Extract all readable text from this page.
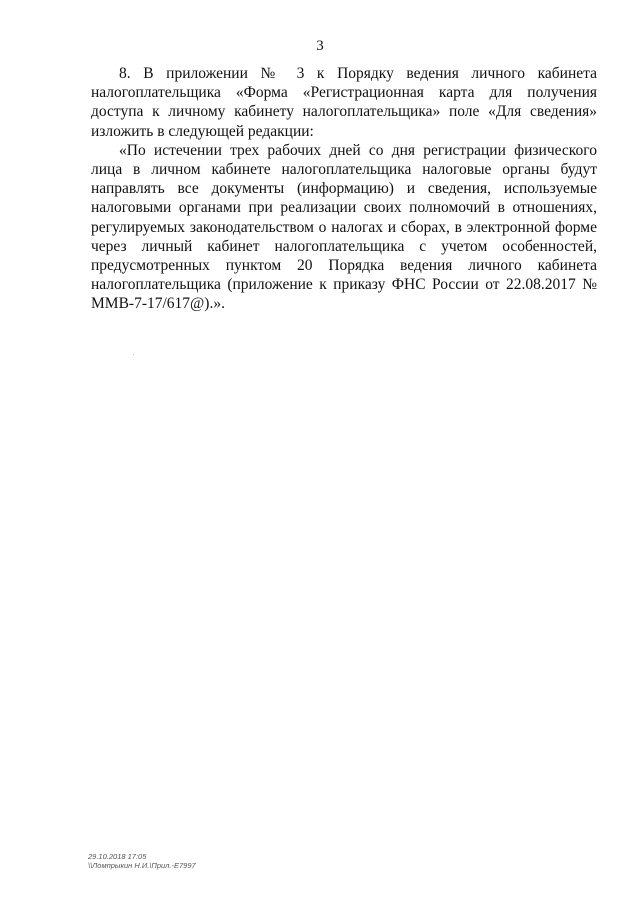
3

8. В приложении № 3 к Порядку ведения личного кабинета налогоплательщика «Форма «Регистрационная карта для получения доступа к личному кабинету налогоплательщика» поле «Для сведения» изложить в следующей редакции:

«По истечении трех рабочих дней со дня регистрации физического лица в личном кабинете налогоплательщика налоговые органы будут направлять все документы (информацию) и сведения, используемые налоговыми органами при реализации своих полномочий в отношениях, регулируемых законодательством о налогах и сборах, в электронной форме через личный кабинет налогоплательщика с учетом особенностей, предусмотренных пунктом 20 Порядка ведения личного кабинета налогоплательщика (приложение к приказу ФНС России от 22.08.2017 № ММВ-7-17/617@).».

29.10.2018 17:05
\\Ломпрыкин Н.И.\Прил.-E7997
